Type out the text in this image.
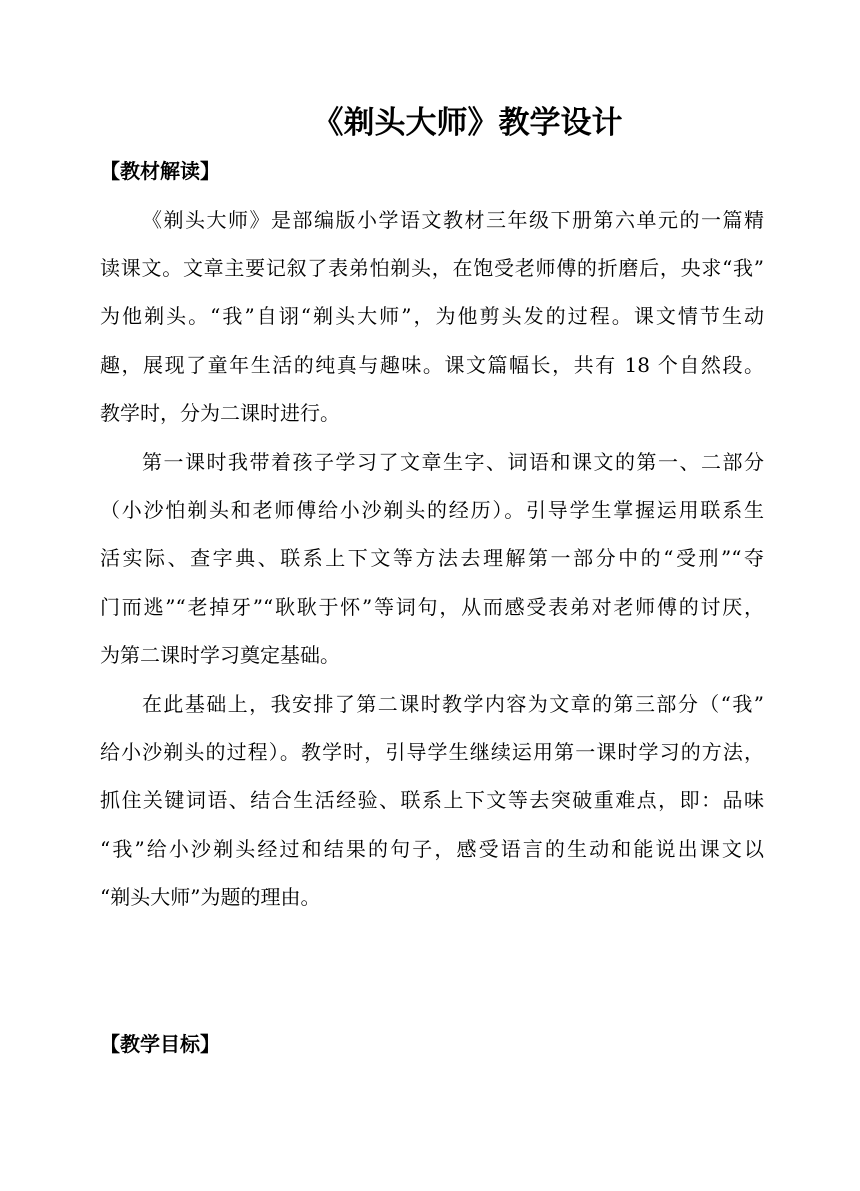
《剃头大师》教学设计
【教材解读】

《剃头大师》是部编版小学语文教材三年级下册第六单元的一篇精
读课文。文章主要记叙了表弟怕剃头，在饱受老师傅的折磨后，央求“我”
为他剃头。“我”自诩“剃头大师”，为他剪头发的过程。课文情节生动
趣，展现了童年生活的纯真与趣味。课文篇幅长，共有 18 个自然段。
教学时，分为二课时进行。

第一课时我带着孩子学习了文章生字、词语和课文的第一、二部分
（小沙怕剃头和老师傅给小沙剃头的经历）。引导学生掌握运用联系生
活实际、查字典、联系上下文等方法去理解第一部分中的“受刑”“夺
门而逃”“老掉牙”“耿耿于怀”等词句，从而感受表弟对老师傅的讨厌，
为第二课时学习奠定基础。

在此基础上，我安排了第二课时教学内容为文章的第三部分（“我”
给小沙剃头的过程）。教学时，引导学生继续运用第一课时学习的方法，
抓住关键词语、结合生活经验、联系上下文等去突破重难点，即：品味
“我”给小沙剃头经过和结果的句子，感受语言的生动和能说出课文以
“剃头大师”为题的理由。

【教学目标】
